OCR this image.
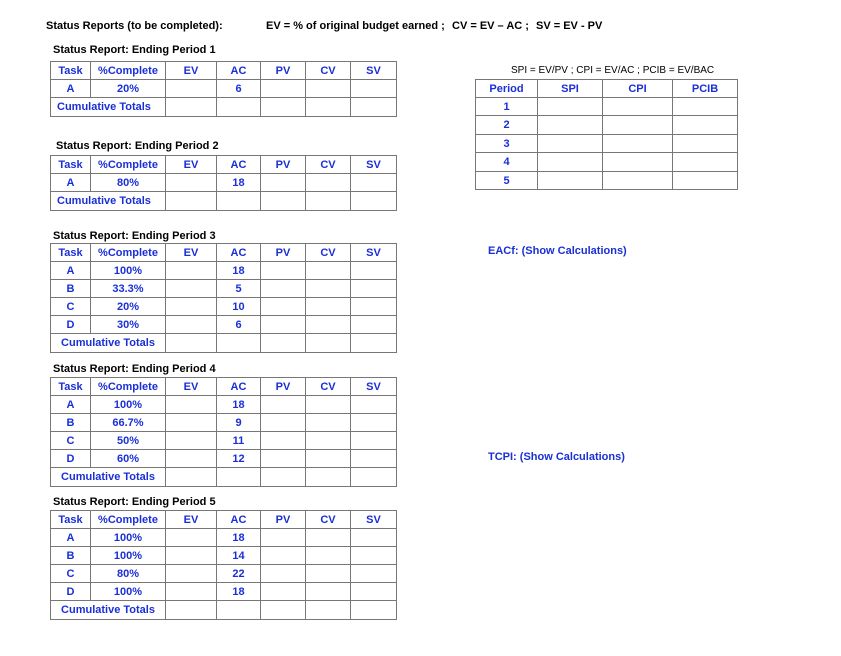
Status Reports (to be completed):	EV = % of original budget earned ; CV = EV – AC ; SV = EV - PV
Status Report: Ending Period 1
Status Report: Ending Period 2
Status Report: Ending Period 3
Status Report: Ending Period 4
Status Report: Ending Period 5
Task	%Complete	EV	AC	PV	CV	SV
A	20%		6			
Cumulative Totals						
Task	%Complete	EV	AC	PV	CV	SV
A	80%		18			
Cumulative Totals						
Task	%Complete	EV	AC	PV	CV	SV
A	100%		18			
B	33.3%		5			
C	20%		10			
D	30%		6			
Cumulative Totals						
Task	%Complete	EV	AC	PV	CV	SV
A	100%		18			
B	66.7%		9			
C	50%		11			
D	60%		12			
Cumulative Totals						
Task	%Complete	EV	AC	PV	CV	SV
A	100%		18			
B	100%		14			
C	80%		22			
D	100%		18			
Cumulative Totals						
SPI = EV/PV ; CPI = EV/AC ; PCIB = EV/BAC
Period	SPI	CPI	PCIB
1			
2			
3			
4			
5			
EACf: (Show Calculations)
TCPI: (Show Calculations)
